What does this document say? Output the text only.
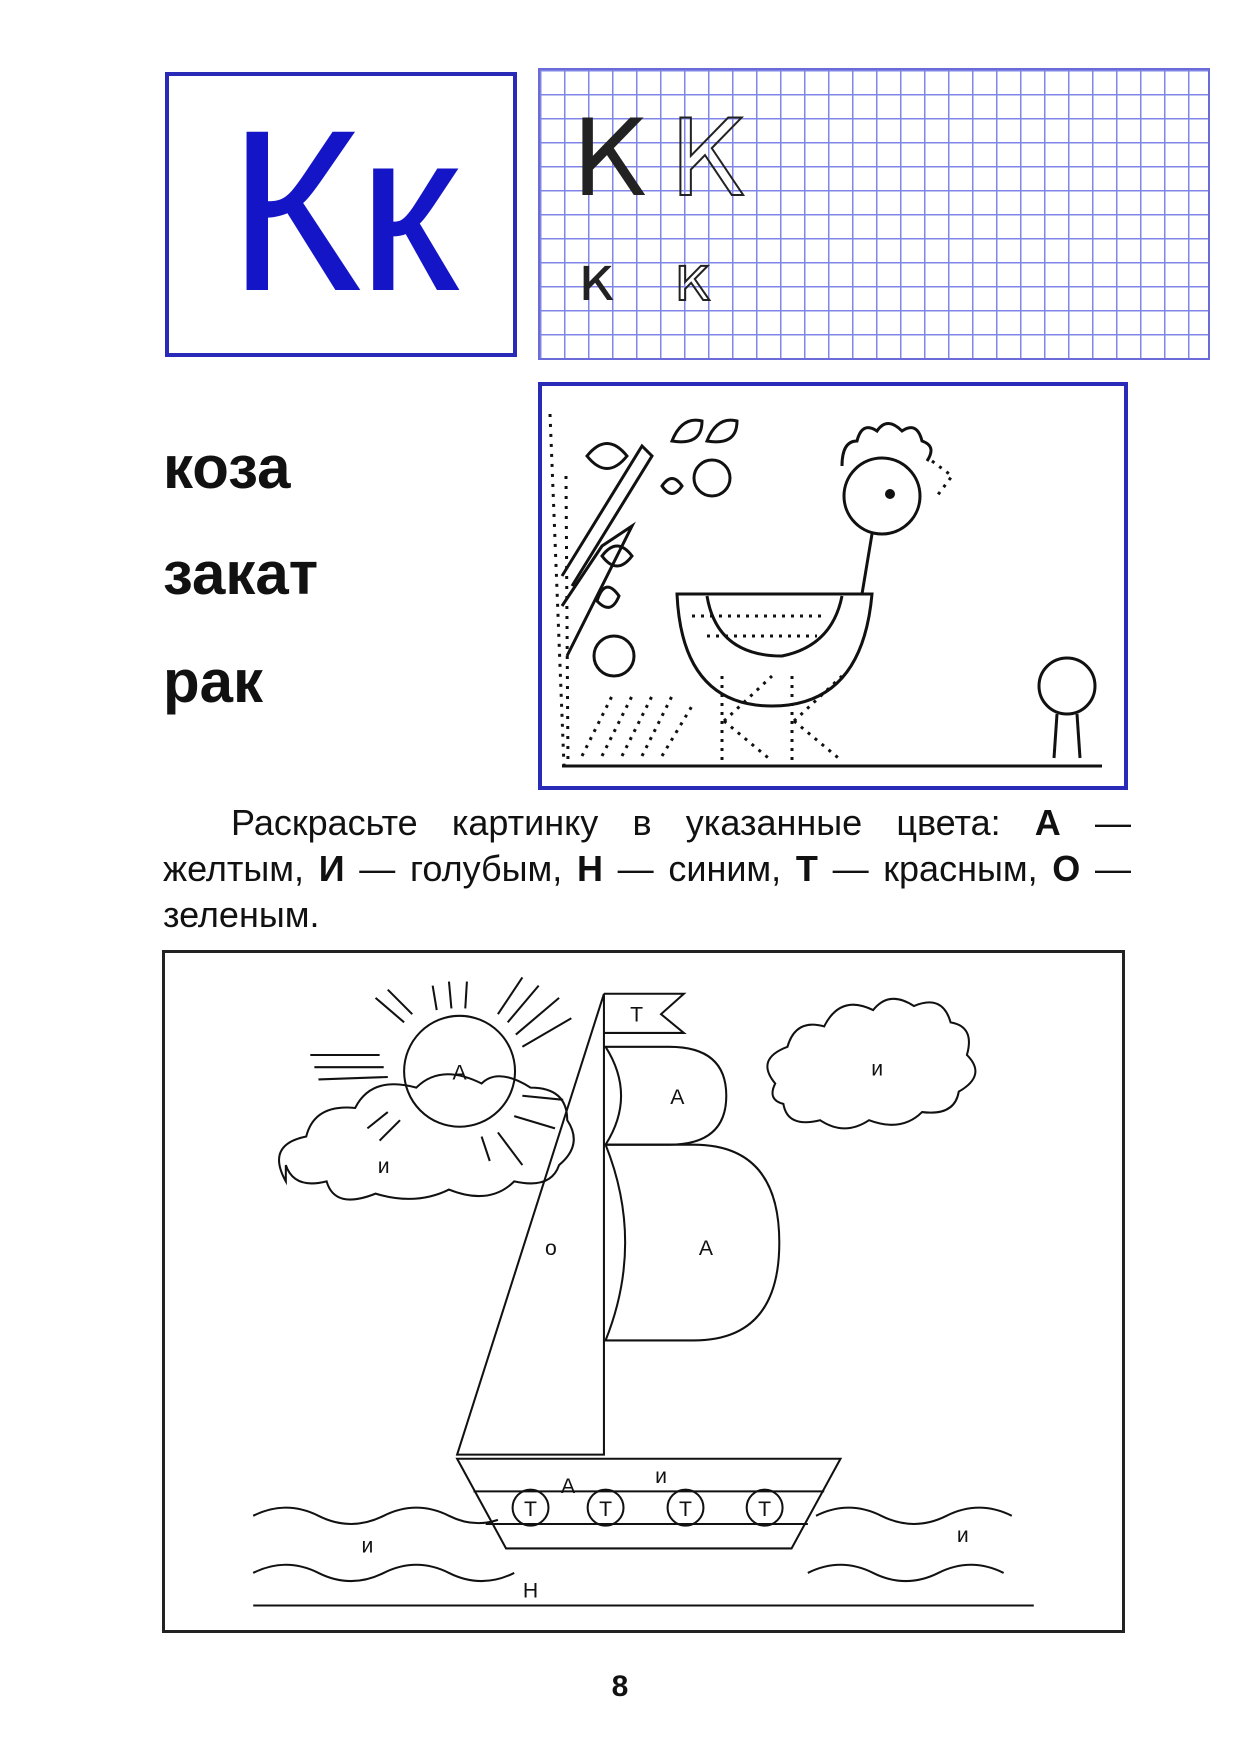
Кк К К
к к
коза
закат
рак
Раскрасьте картинку в указанные цвета: А — желтым, И — голубым, Н — синим, Т — красным, О — зеленым.
А
Т
А
А
о
и
и
и
А
Т Т	Т	Т
и	и
Н
8
